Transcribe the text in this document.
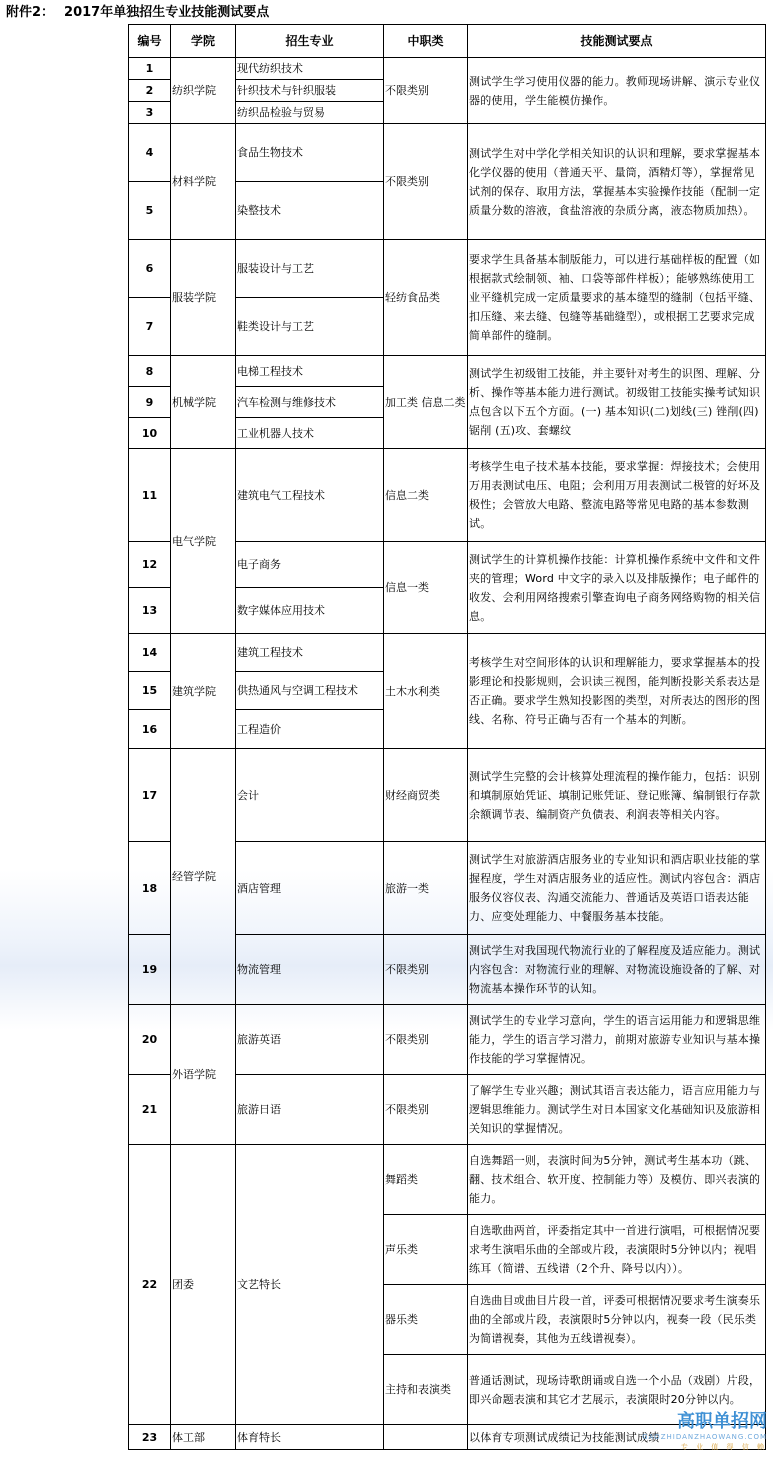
附件2： 2017年单独招生专业技能测试要点
编号	学院	招生专业	中职类	技能测试要点
1	纺织学院	现代纺织技术	不限类别	测试学生学习使用仪器的能力。教师现场讲解、演示专业仪器的使用，学生能模仿操作。
2		针织技术与针织服装		
3		纺织品检验与贸易		
4	材料学院	食品生物技术	不限类别	测试学生对中学化学相关知识的认识和理解，要求掌握基本化学仪器的使用（普通天平、量筒，酒精灯等），掌握常见试剂的保存、取用方法，掌握基本实验操作技能（配制一定质量分数的溶液，食盐溶液的杂质分离，液态物质加热）。
5		染整技术		
6	服装学院	服装设计与工艺	轻纺食品类	要求学生具备基本制版能力，可以进行基础样板的配置（如根据款式绘制领、袖、口袋等部件样板）；能够熟练使用工业平缝机完成一定质量要求的基本缝型的缝制（包括平缝、扣压缝、来去缝、包缝等基础缝型），或根据工艺要求完成简单部件的缝制。
7		鞋类设计与工艺		
8	机械学院	电梯工程技术	加工类 信息二类	测试学生初级钳工技能，并主要针对考生的识图、理解、分析、操作等基本能力进行测试。初级钳工技能实操考试知识点包含以下五个方面。(一) 基本知识(二)划线(三) 锉削(四) 锯削 (五)攻、套螺纹
9		汽车检测与维修技术		
10		工业机器人技术		
11	电气学院	建筑电气工程技术	信息二类	考核学生电子技术基本技能，要求掌握：焊接技术；会使用万用表测试电压、电阻；会利用万用表测试二极管的好坏及极性；会管放大电路、整流电路等常见电路的基本参数测试。
12		电子商务	信息一类	测试学生的计算机操作技能：计算机操作系统中文件和文件夹的管理；Word 中文字的录入以及排版操作；电子邮件的收发、会利用网络搜索引擎查询电子商务网络购物的相关信息。
13		数字媒体应用技术		
14	建筑学院	建筑工程技术	土木水利类	考核学生对空间形体的认识和理解能力，要求掌握基本的投影理论和投影规则，会识读三视图，能判断投影关系表达是否正确。要求学生熟知投影图的类型，对所表达的图形的图线、名称、符号正确与否有一个基本的判断。
15		供热通风与空调工程技术		
16		工程造价		
17	经管学院	会计	财经商贸类	测试学生完整的会计核算处理流程的操作能力，包括：识别和填制原始凭证、填制记账凭证、登记账簿、编制银行存款余额调节表、编制资产负债表、利润表等相关内容。
18		酒店管理	旅游一类	测试学生对旅游酒店服务业的专业知识和酒店职业技能的掌握程度，学生对酒店服务业的适应性。测试内容包含：酒店服务仪容仪表、沟通交流能力、普通话及英语口语表达能力、应变处理能力、中餐服务基本技能。
19		物流管理	不限类别	测试学生对我国现代物流行业的了解程度及适应能力。测试内容包含：对物流行业的理解、对物流设施设备的了解、对物流基本操作环节的认知。
20	外语学院	旅游英语	不限类别	测试学生的专业学习意向，学生的语言运用能力和逻辑思维能力，学生的语言学习潜力，前期对旅游专业知识与基本操作技能的学习掌握情况。
21		旅游日语	不限类别	了解学生专业兴趣；测试其语言表达能力，语言应用能力与逻辑思维能力。测试学生对日本国家文化基础知识及旅游相关知识的掌握情况。
22	团委	文艺特长	舞蹈类	自选舞蹈一则，表演时间为5分钟，测试考生基本功（跳、翻、技术组合、软开度、控制能力等）及模仿、即兴表演的能力。
			声乐类	自选歌曲两首，评委指定其中一首进行演唱，可根据情况要求考生演唱乐曲的全部或片段，表演限时5分钟以内；视唱练耳（简谱、五线谱（2个升、降号以内））。
			器乐类	自选曲目或曲目片段一首，评委可根据情况要求考生演奏乐曲的全部或片段，表演限时5分钟以内，视奏一段（民乐类为简谱视奏，其他为五线谱视奏）。
			主持和表演类	普通话测试，现场诗歌朗诵或自选一个小品（戏剧）片段，即兴命题表演和其它才艺展示，表演限时20分钟以内。
23	体工部	体育特长		以体育专项测试成绩记为技能测试成绩
高职单招网
GAOZHIDANZHAOWANG.COM
专 业 值 得 信 赖
